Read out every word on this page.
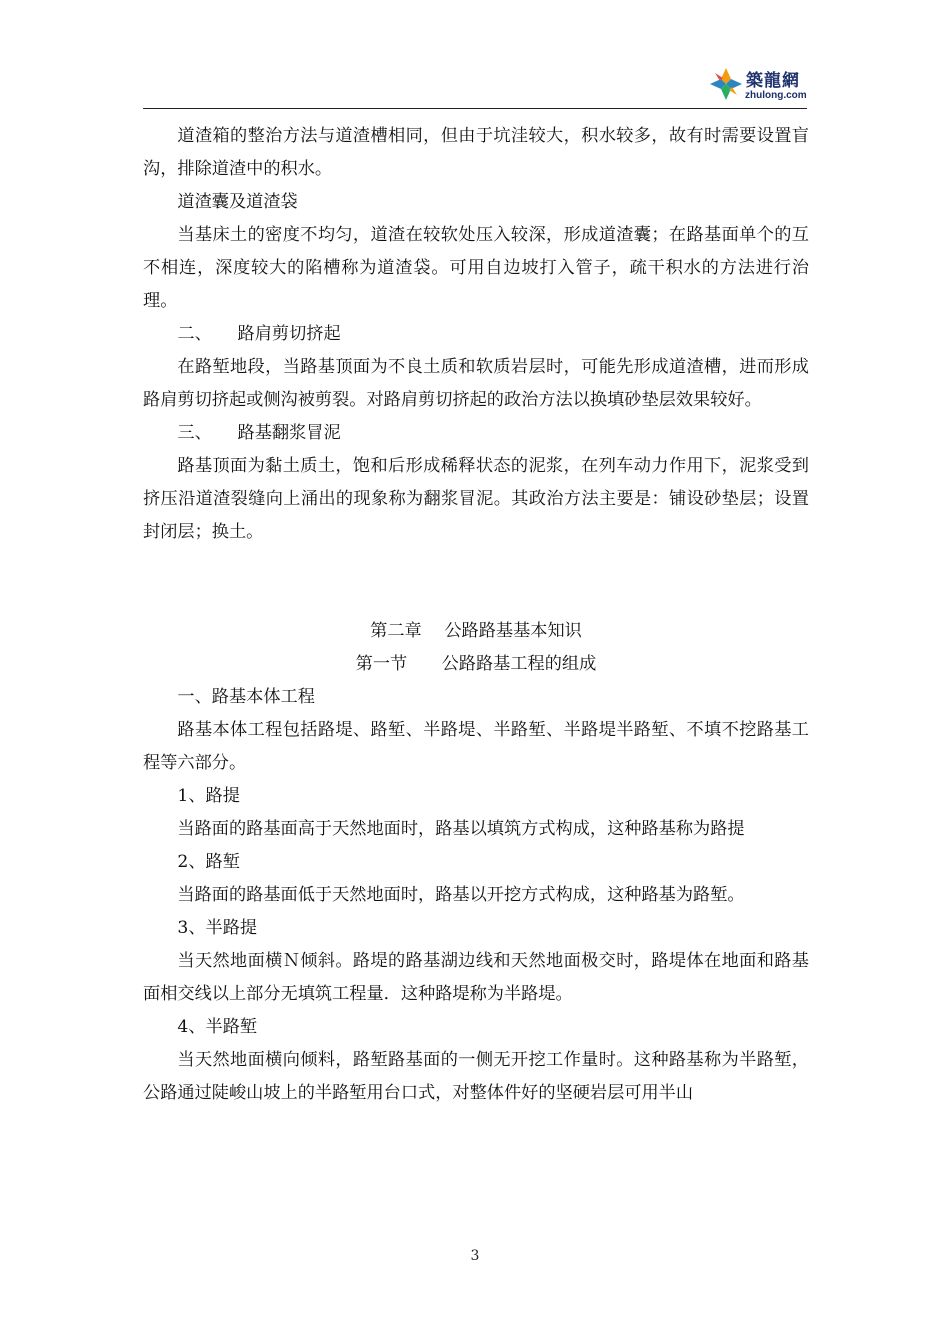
築龍網
zhulong.com

道渣箱的整治方法与道渣槽相同，但由于坑洼较大，积水较多，故有时需要设置盲沟，排除道渣中的积水。

道渣囊及道渣袋

当基床土的密度不均匀，道渣在较软处压入较深，形成道渣囊；在路基面单个的互不相连，深度较大的陷槽称为道渣袋。可用自边坡打入管子，疏干积水的方法进行治理。

二、　　路肩剪切挤起

在路堑地段，当路基顶面为不良土质和软质岩层时，可能先形成道渣槽，进而形成路肩剪切挤起或侧沟被剪裂。对路肩剪切挤起的政治方法以换填砂垫层效果较好。

三、　　路基翻浆冒泥

路基顶面为黏土质土，饱和后形成稀释状态的泥浆，在列车动力作用下，泥浆受到挤压沿道渣裂缝向上涌出的现象称为翻浆冒泥。其政治方法主要是：铺设砂垫层；设置封闭层；换土。

第二章　 公路路基基本知识

第一节　　公路路基工程的组成

一、路基本体工程

路基本体工程包括路堤、路堑、半路堤、半路堑、半路堤半路堑、不填不挖路基工程等六部分。

1、路提

当路面的路基面高于天然地面时，路基以填筑方式构成，这种路基称为路提

2、路堑

当路面的路基面低于天然地面时，路基以开挖方式构成，这种路基为路堑。

3、半路提

当天然地面横Ｎ倾斜。路堤的路基湖边线和天然地面极交时，路堤体在地面和路基面相交线以上部分无填筑工程量．这种路堤称为半路堤。

4、半路堑

当天然地面横向倾料，路堑路基面的一侧无开挖工作量时。这种路基称为半路堑，公路通过陡峻山坡上的半路堑用台口式，对整体件好的坚硬岩层可用半山

3
